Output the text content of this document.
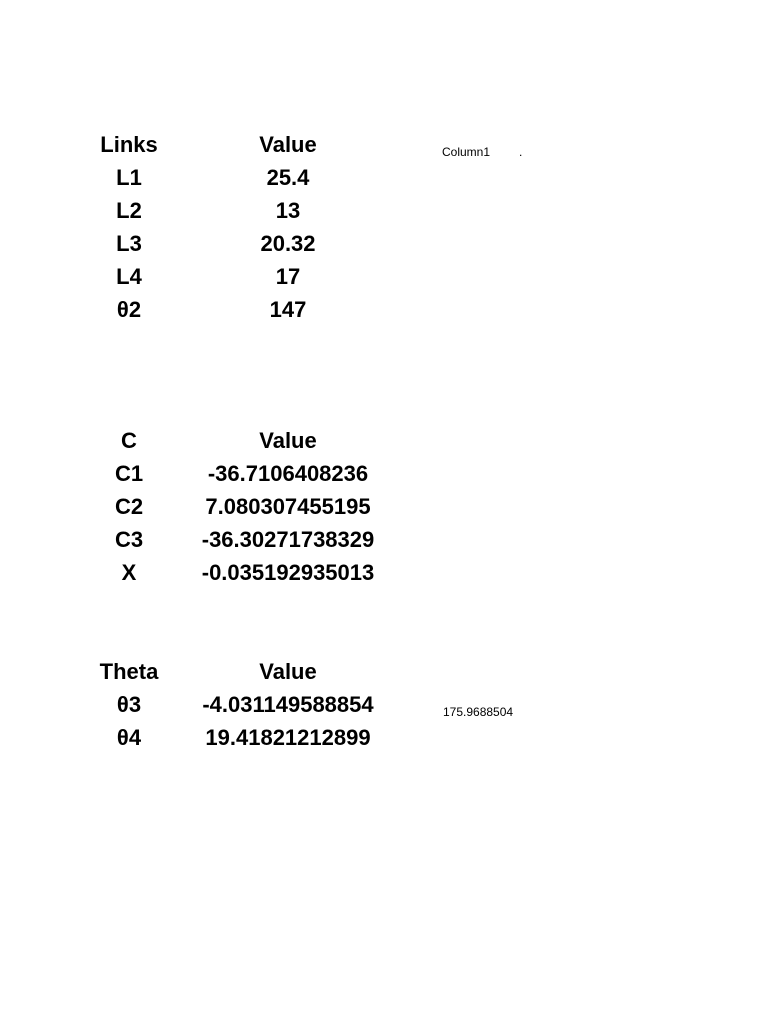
Links	Value
L1	25.4
L2	13
L3	20.32
L4	17
θ2	147
C	Value
C1	-36.7106408236
C2	7.080307455195
C3	-36.30271738329
X	-0.035192935013
Theta	Value
θ3	-4.031149588854
θ4	19.41821212899
Column1 .
175.9688504
